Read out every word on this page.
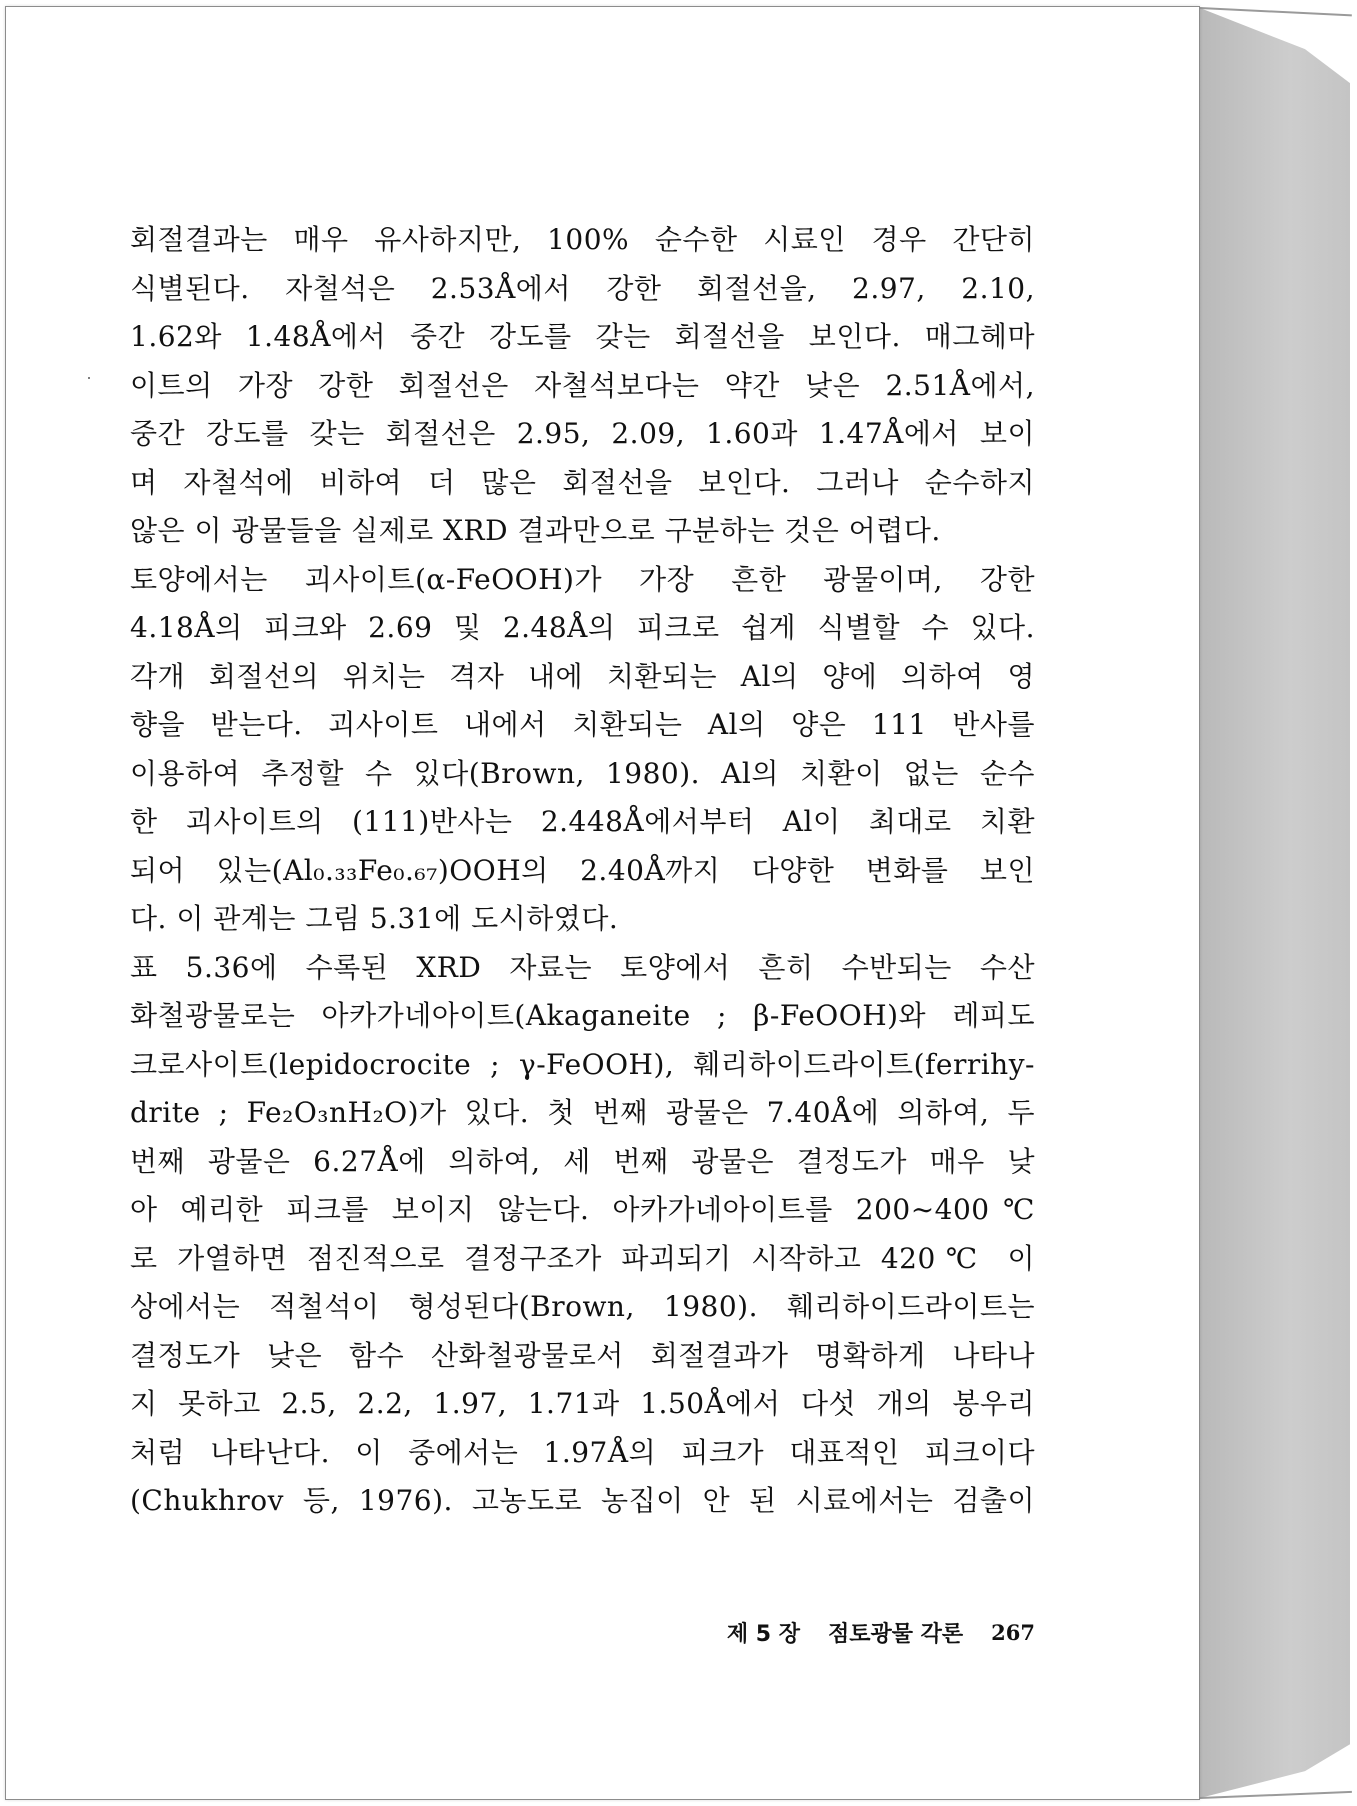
회절결과는 매우 유사하지만, 100% 순수한 시료인 경우 간단히
식별된다. 자철석은 2.53Å에서 강한 회절선을, 2.97, 2.10,
1.62와 1.48Å에서 중간 강도를 갖는 회절선을 보인다. 매그헤마
이트의 가장 강한 회절선은 자철석보다는 약간 낮은 2.51Å에서,
중간 강도를 갖는 회절선은 2.95, 2.09, 1.60과 1.47Å에서 보이
며 자철석에 비하여 더 많은 회절선을 보인다. 그러나 순수하지
않은 이 광물들을 실제로 XRD 결과만으로 구분하는 것은 어렵다.
토양에서는 괴사이트(α-FeOOH)가 가장 흔한 광물이며, 강한
4.18Å의 피크와 2.69 및 2.48Å의 피크로 쉽게 식별할 수 있다.
각개 회절선의 위치는 격자 내에 치환되는 Al의 양에 의하여 영
향을 받는다. 괴사이트 내에서 치환되는 Al의 양은 111 반사를
이용하여 추정할 수 있다(Brown, 1980). Al의 치환이 없는 순수
한 괴사이트의 (111)반사는 2.448Å에서부터 Al이 최대로 치환
되어 있는(Al₀.₃₃Fe₀.₆₇)OOH의 2.40Å까지 다양한 변화를 보인
다. 이 관계는 그림 5.31에 도시하였다.
표 5.36에 수록된 XRD 자료는 토양에서 흔히 수반되는 수산
화철광물로는 아카가네아이트(Akaganeite ; β-FeOOH)와 레피도
크로사이트(lepidocrocite ; γ-FeOOH), 훼리하이드라이트(ferrihy-
drite ; Fe₂O₃nH₂O)가 있다. 첫 번째 광물은 7.40Å에 의하여, 두
번째 광물은 6.27Å에 의하여, 세 번째 광물은 결정도가 매우 낮
아 예리한 피크를 보이지 않는다. 아카가네아이트를 200∼400℃
로 가열하면 점진적으로 결정구조가 파괴되기 시작하고 420℃ 이
상에서는 적철석이 형성된다(Brown, 1980). 훼리하이드라이트는
결정도가 낮은 함수 산화철광물로서 회절결과가 명확하게 나타나
지 못하고 2.5, 2.2, 1.97, 1.71과 1.50Å에서 다섯 개의 봉우리
처럼 나타난다. 이 중에서는 1.97Å의 피크가 대표적인 피크이다
(Chukhrov 등, 1976). 고농도로 농집이 안 된 시료에서는 검출이
제 5 장 점토광물 각론 267
